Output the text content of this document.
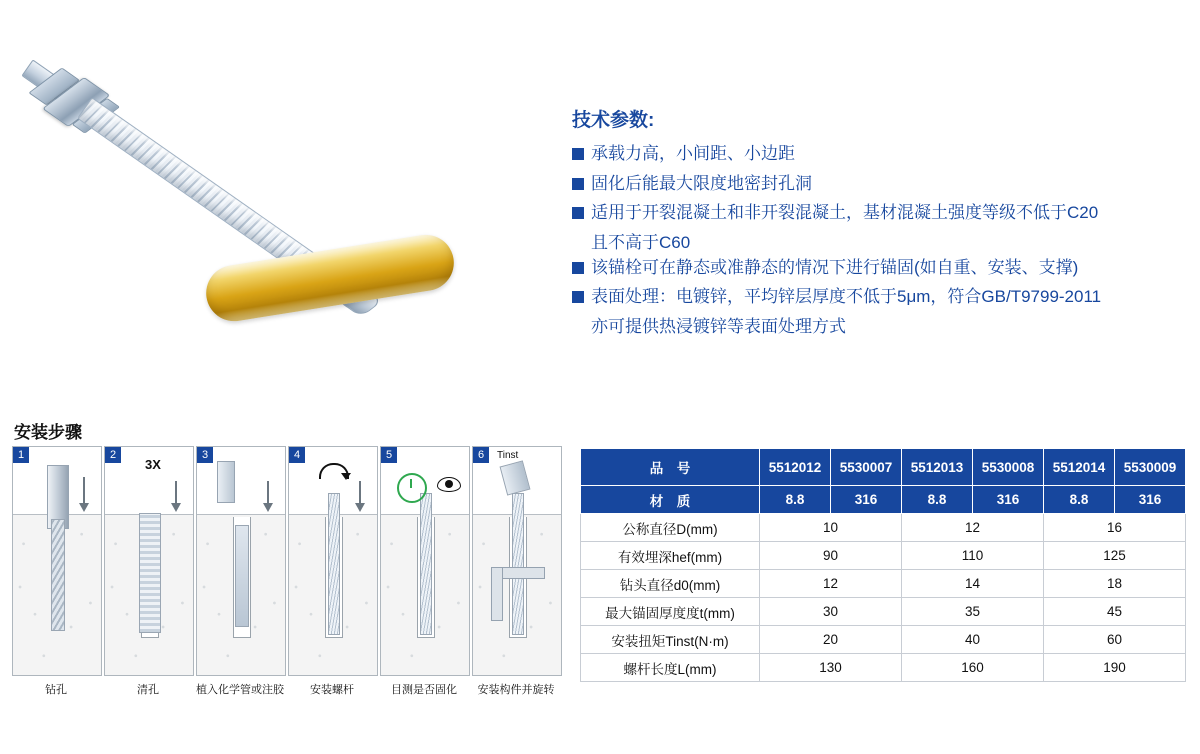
技术参数:
承载力高，小间距、小边距
固化后能最大限度地密封孔洞
适用于开裂混凝土和非开裂混凝土，基材混凝土强度等级不低于C20
且不高于C60
该锚栓可在静态或准静态的情况下进行锚固(如自重、安装、支撑)
表面处理：电镀锌，平均锌层厚度不低于5μm，符合GB/T9799-2011
亦可提供热浸镀锌等表面处理方式
安装步骤
1
钻孔
2
3X
清孔
3
植入化学管或注胶
4
安装螺杆
5
目测是否固化
6	Tinst
安装构件并旋转
品　号	5512012	5530007	5512013	5530008	5512014	5530009
材　质	8.8	316	8.8	316	8.8	316
公称直径D(mm)	10		12		16	
有效埋深hef(mm)	90		110		125	
钻头直径d0(mm)	12		14		18	
最大锚固厚度度t(mm)	30		35		45	
安装扭矩Tinst(N·m)	20		40		60	
螺杆长度L(mm)	130		160		190	
